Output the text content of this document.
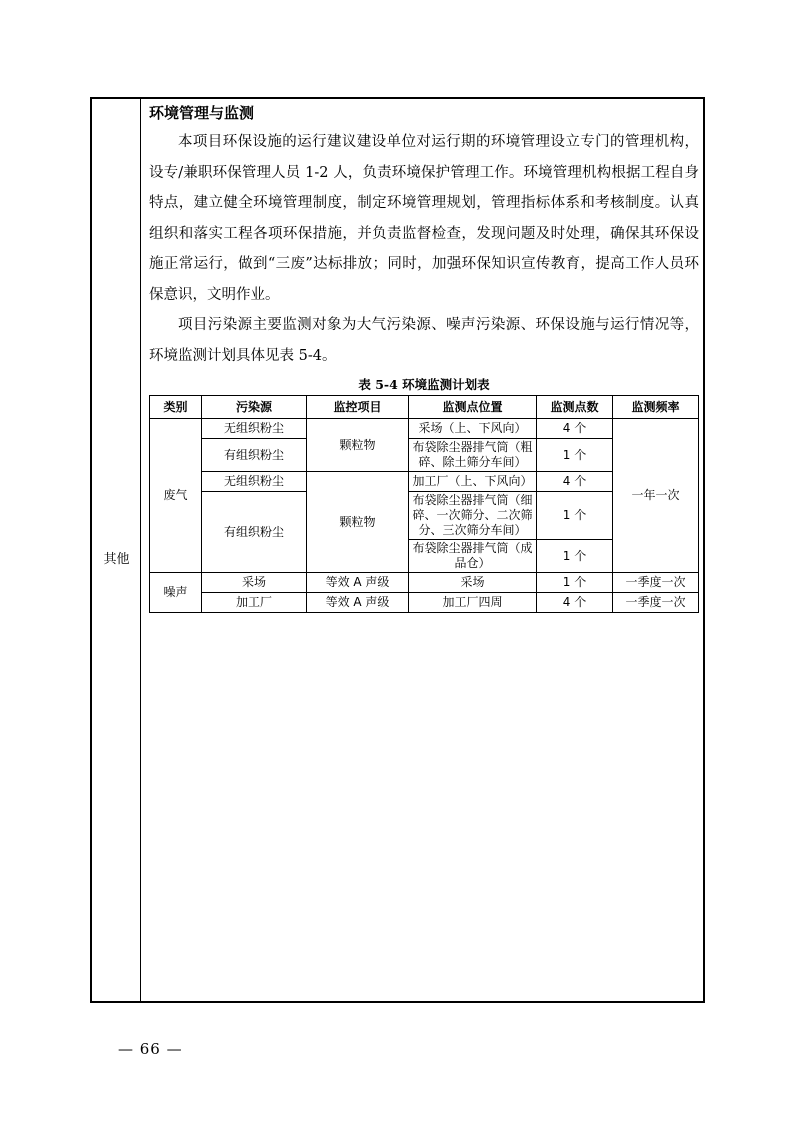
其他
环境管理与监测

本项目环保设施的运行建议建设单位对运行期的环境管理设立专门的管理机构，设专/兼职环保管理人员 1-2 人，负责环境保护管理工作。环境管理机构根据工程自身特点，建立健全环境管理制度，制定环境管理规划，管理指标体系和考核制度。认真组织和落实工程各项环保措施，并负责监督检查，发现问题及时处理，确保其环保设施正常运行，做到“三废”达标排放；同时，加强环保知识宣传教育，提高工作人员环保意识，文明作业。

项目污染源主要监测对象为大气污染源、噪声污染源、环保设施与运行情况等，环境监测计划具体见表 5-4。

表 5-4 环境监测计划表
类别	污染源	监控项目	监测点位置	监测点数	监测频率
废气	无组织粉尘	颗粒物	采场（上、下风向）	4 个	一年一次
	有组织粉尘		布袋除尘器排气筒（粗碎、除土筛分车间）	1 个	
	无组织粉尘	颗粒物	加工厂（上、下风向）	4 个	
	有组织粉尘		布袋除尘器排气筒（细碎、一次筛分、二次筛分、三次筛分车间）	1 个	
			布袋除尘器排气筒（成品仓）	1 个	
噪声	采场	等效 A 声级	采场	1 个	一季度一次
	加工厂	等效 A 声级	加工厂四周	4 个	一季度一次
— 66 —
